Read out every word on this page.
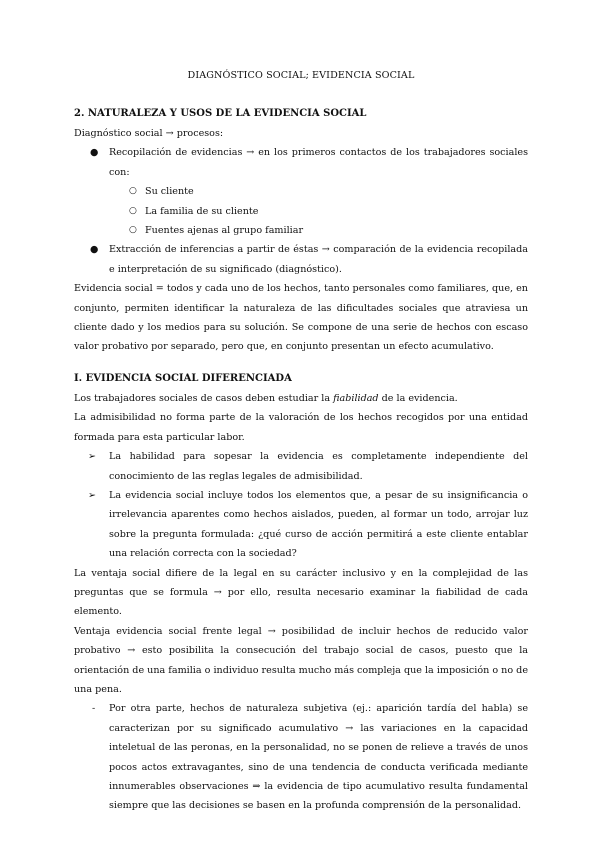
DIAGNÓSTICO SOCIAL; EVIDENCIA SOCIAL
2. NATURALEZA Y USOS DE LA EVIDENCIA SOCIAL

Diagnóstico social → procesos:

● Recopilación de evidencias → en los primeros contactos de los trabajadores sociales con:
○ Su cliente
○ La familia de su cliente
○ Fuentes ajenas al grupo familiar
● Extracción de inferencias a partir de éstas → comparación de la evidencia recopilada e interpretación de su significado (diagnóstico).

Evidencia social = todos y cada uno de los hechos, tanto personales como familiares, que, en conjunto, permiten identificar la naturaleza de las dificultades sociales que atraviesa un cliente dado y los medios para su solución. Se compone de una serie de hechos con escaso valor probativo por separado, pero que, en conjunto presentan un efecto acumulativo.

I. EVIDENCIA SOCIAL DIFERENCIADA

Los trabajadores sociales de casos deben estudiar la fiabilidad de la evidencia.

La admisibilidad no forma parte de la valoración de los hechos recogidos por una entidad formada para esta particular labor.

➢ La habilidad para sopesar la evidencia es completamente independiente del conocimiento de las reglas legales de admisibilidad.
➢ La evidencia social incluye todos los elementos que, a pesar de su insignificancia o irrelevancia aparentes como hechos aislados, pueden, al formar un todo, arrojar luz sobre la pregunta formulada: ¿qué curso de acción permitirá a este cliente entablar una relación correcta con la sociedad?

La ventaja social difiere de la legal en su carácter inclusivo y en la complejidad de las preguntas que se formula → por ello, resulta necesario examinar la fiabilidad de cada elemento.

Ventaja evidencia social frente legal → posibilidad de incluir hechos de reducido valor probativo → esto posibilita la consecución del trabajo social de casos, puesto que la orientación de una familia o individuo resulta mucho más compleja que la imposición o no de una pena.

- Por otra parte, hechos de naturaleza subjetiva (ej.: aparición tardía del habla) se caracterizan por su significado acumulativo → las variaciones en la capacidad inteletual de las peronas, en la personalidad, no se ponen de relieve a través de unos pocos actos extravagantes, sino de una tendencia de conducta verificada mediante innumerables observaciones ⇒ la evidencia de tipo acumulativo resulta fundamental siempre que las decisiones se basen en la profunda comprensión de la personalidad.
